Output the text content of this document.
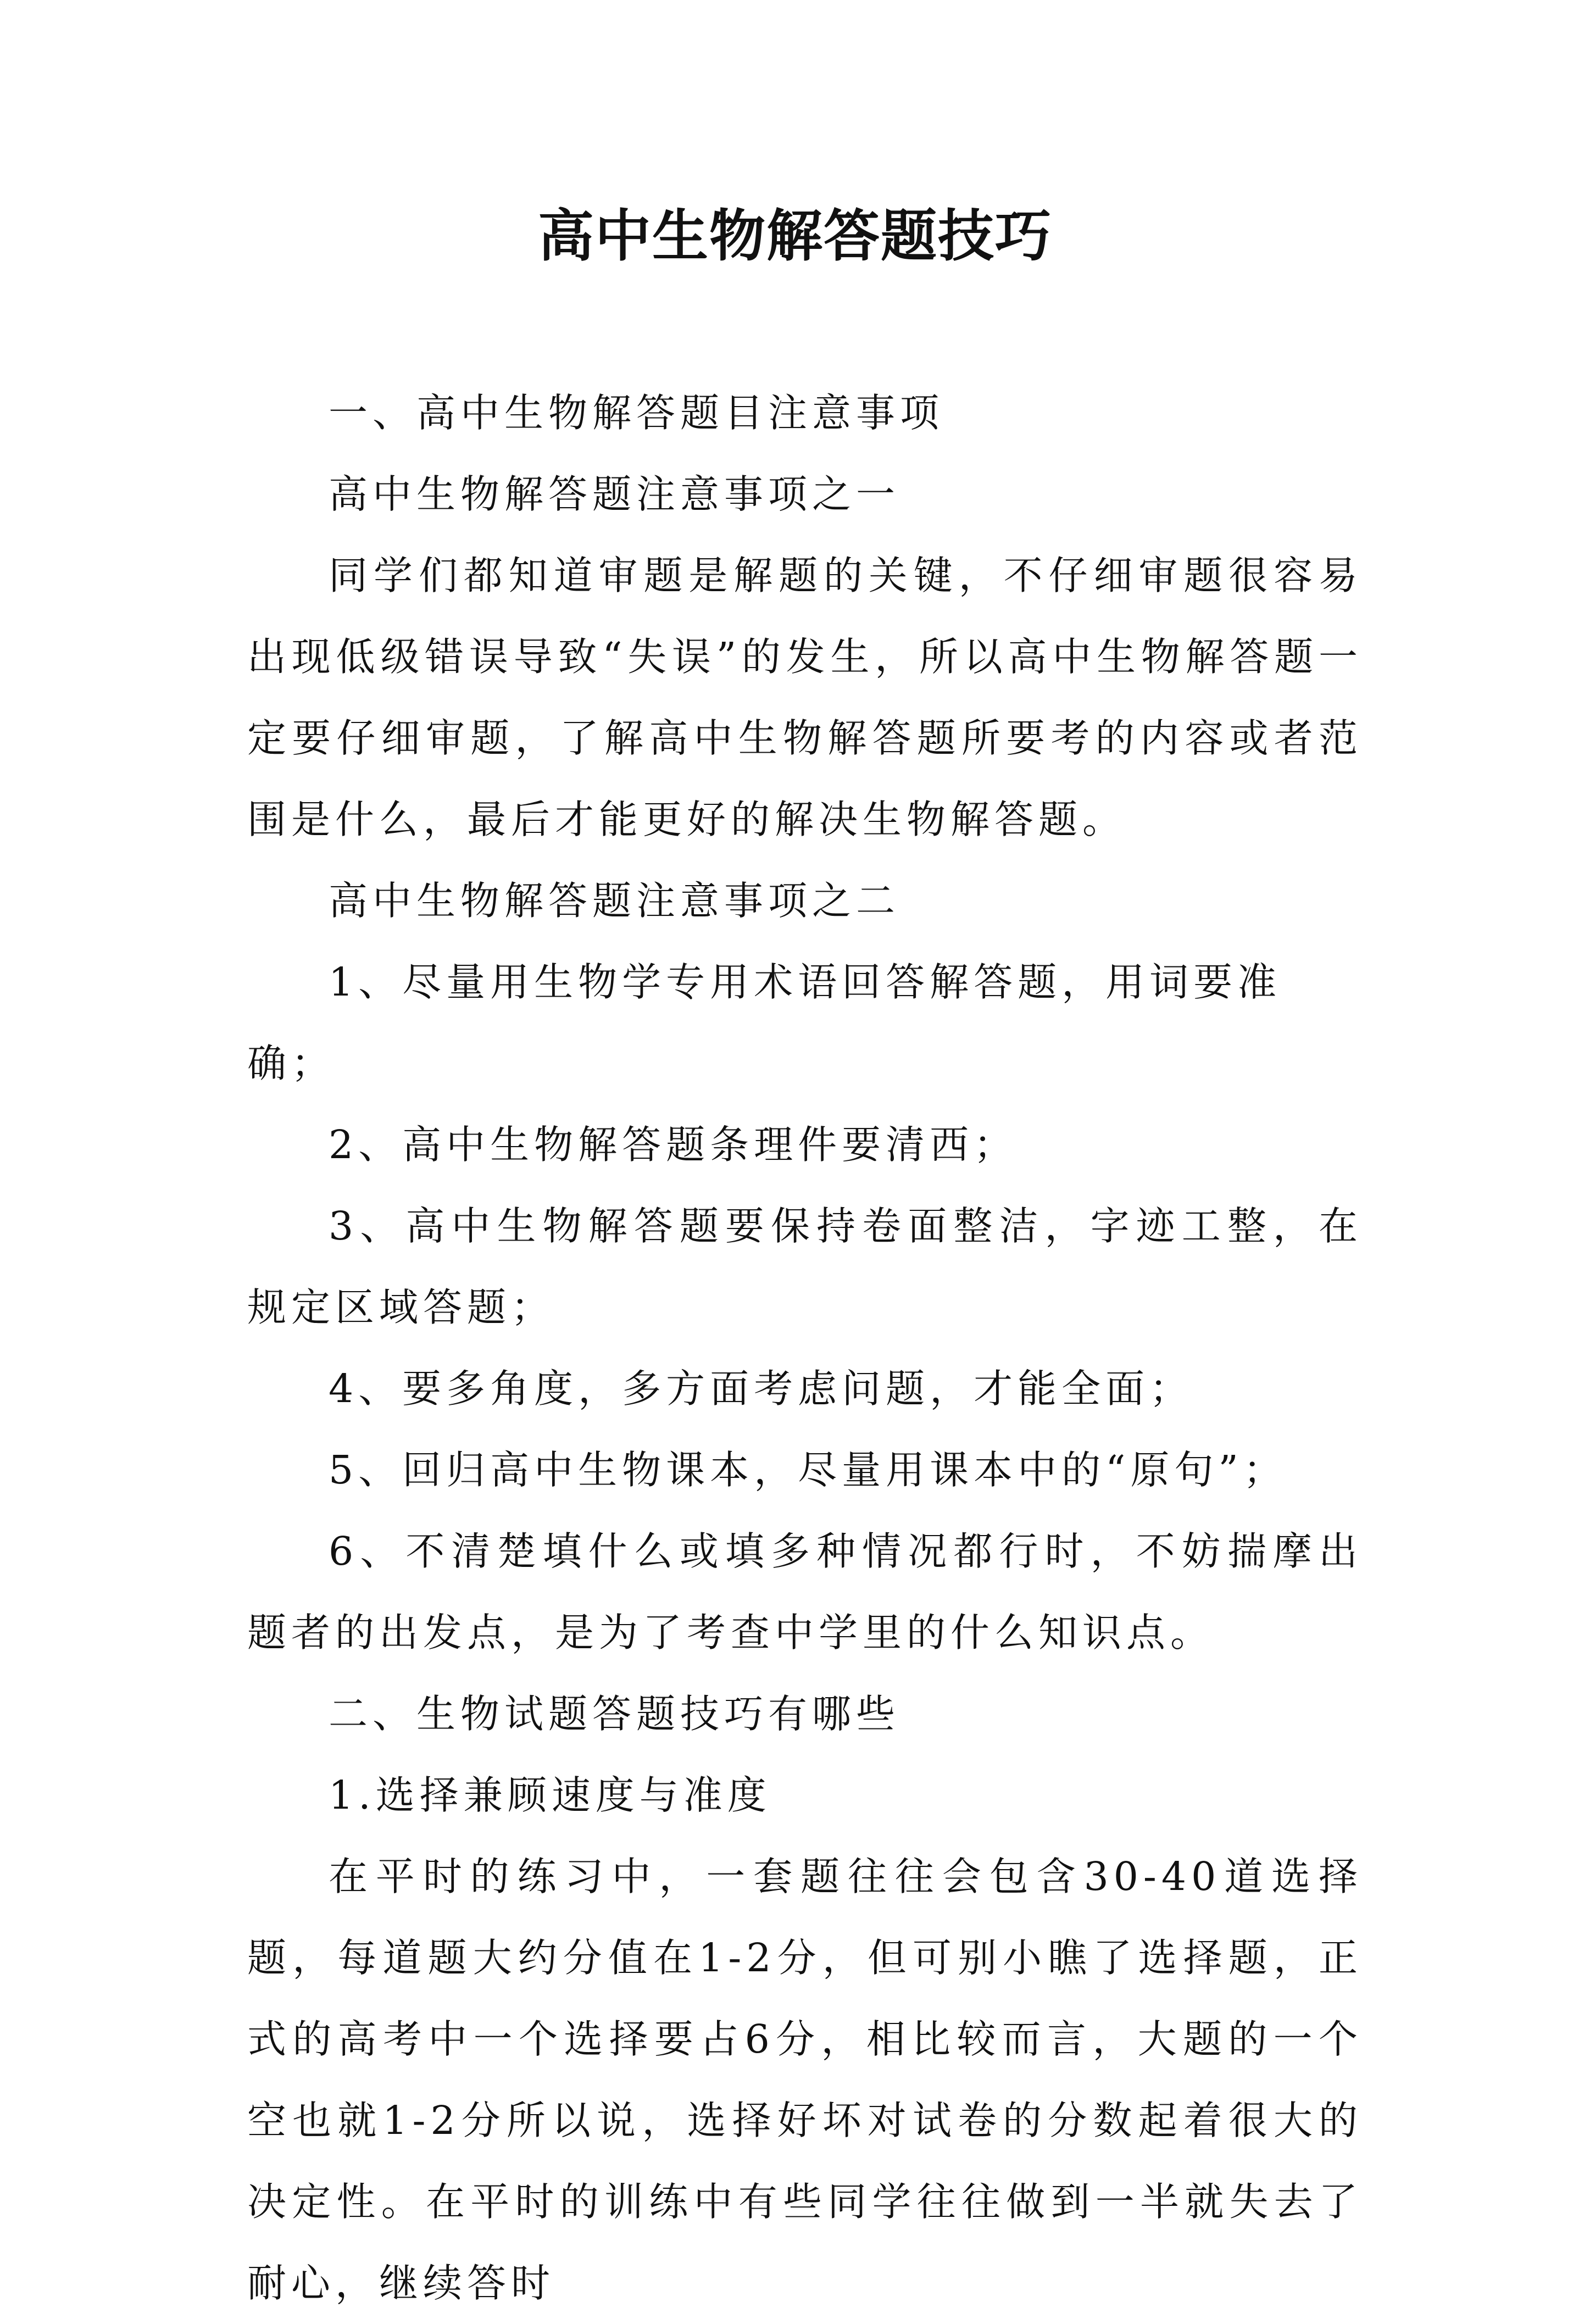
高中生物解答题技巧

一、高中生物解答题目注意事项

高中生物解答题注意事项之一

同学们都知道审题是解题的关键，不仔细审题很容易出现低级错误导致“失误”的发生，所以高中生物解答题一定要仔细审题，了解高中生物解答题所要考的内容或者范围是什么，最后才能更好的解决生物解答题。

高中生物解答题注意事项之二

1、尽量用生物学专用术语回答解答题，用词要准确；

2、高中生物解答题条理件要清西；

3、高中生物解答题要保持卷面整洁，字迹工整，在规定区域答题；

4、要多角度，多方面考虑问题，才能全面；

5、回归高中生物课本，尽量用课本中的“原句”；

6、不清楚填什么或填多种情况都行时，不妨揣摩出题者的出发点，是为了考查中学里的什么知识点。

二、生物试题答题技巧有哪些

1.选择兼顾速度与准度

在平时的练习中，一套题往往会包含30-40道选择题，每道题大约分值在1-2分，但可别小瞧了选择题，正式的高考中一个选择要占6分，相比较而言，大题的一个空也就1-2分所以说，选择好坏对试卷的分数起着很大的决定性。在平时的训练中有些同学往往做到一半就失去了耐心，继续答时
